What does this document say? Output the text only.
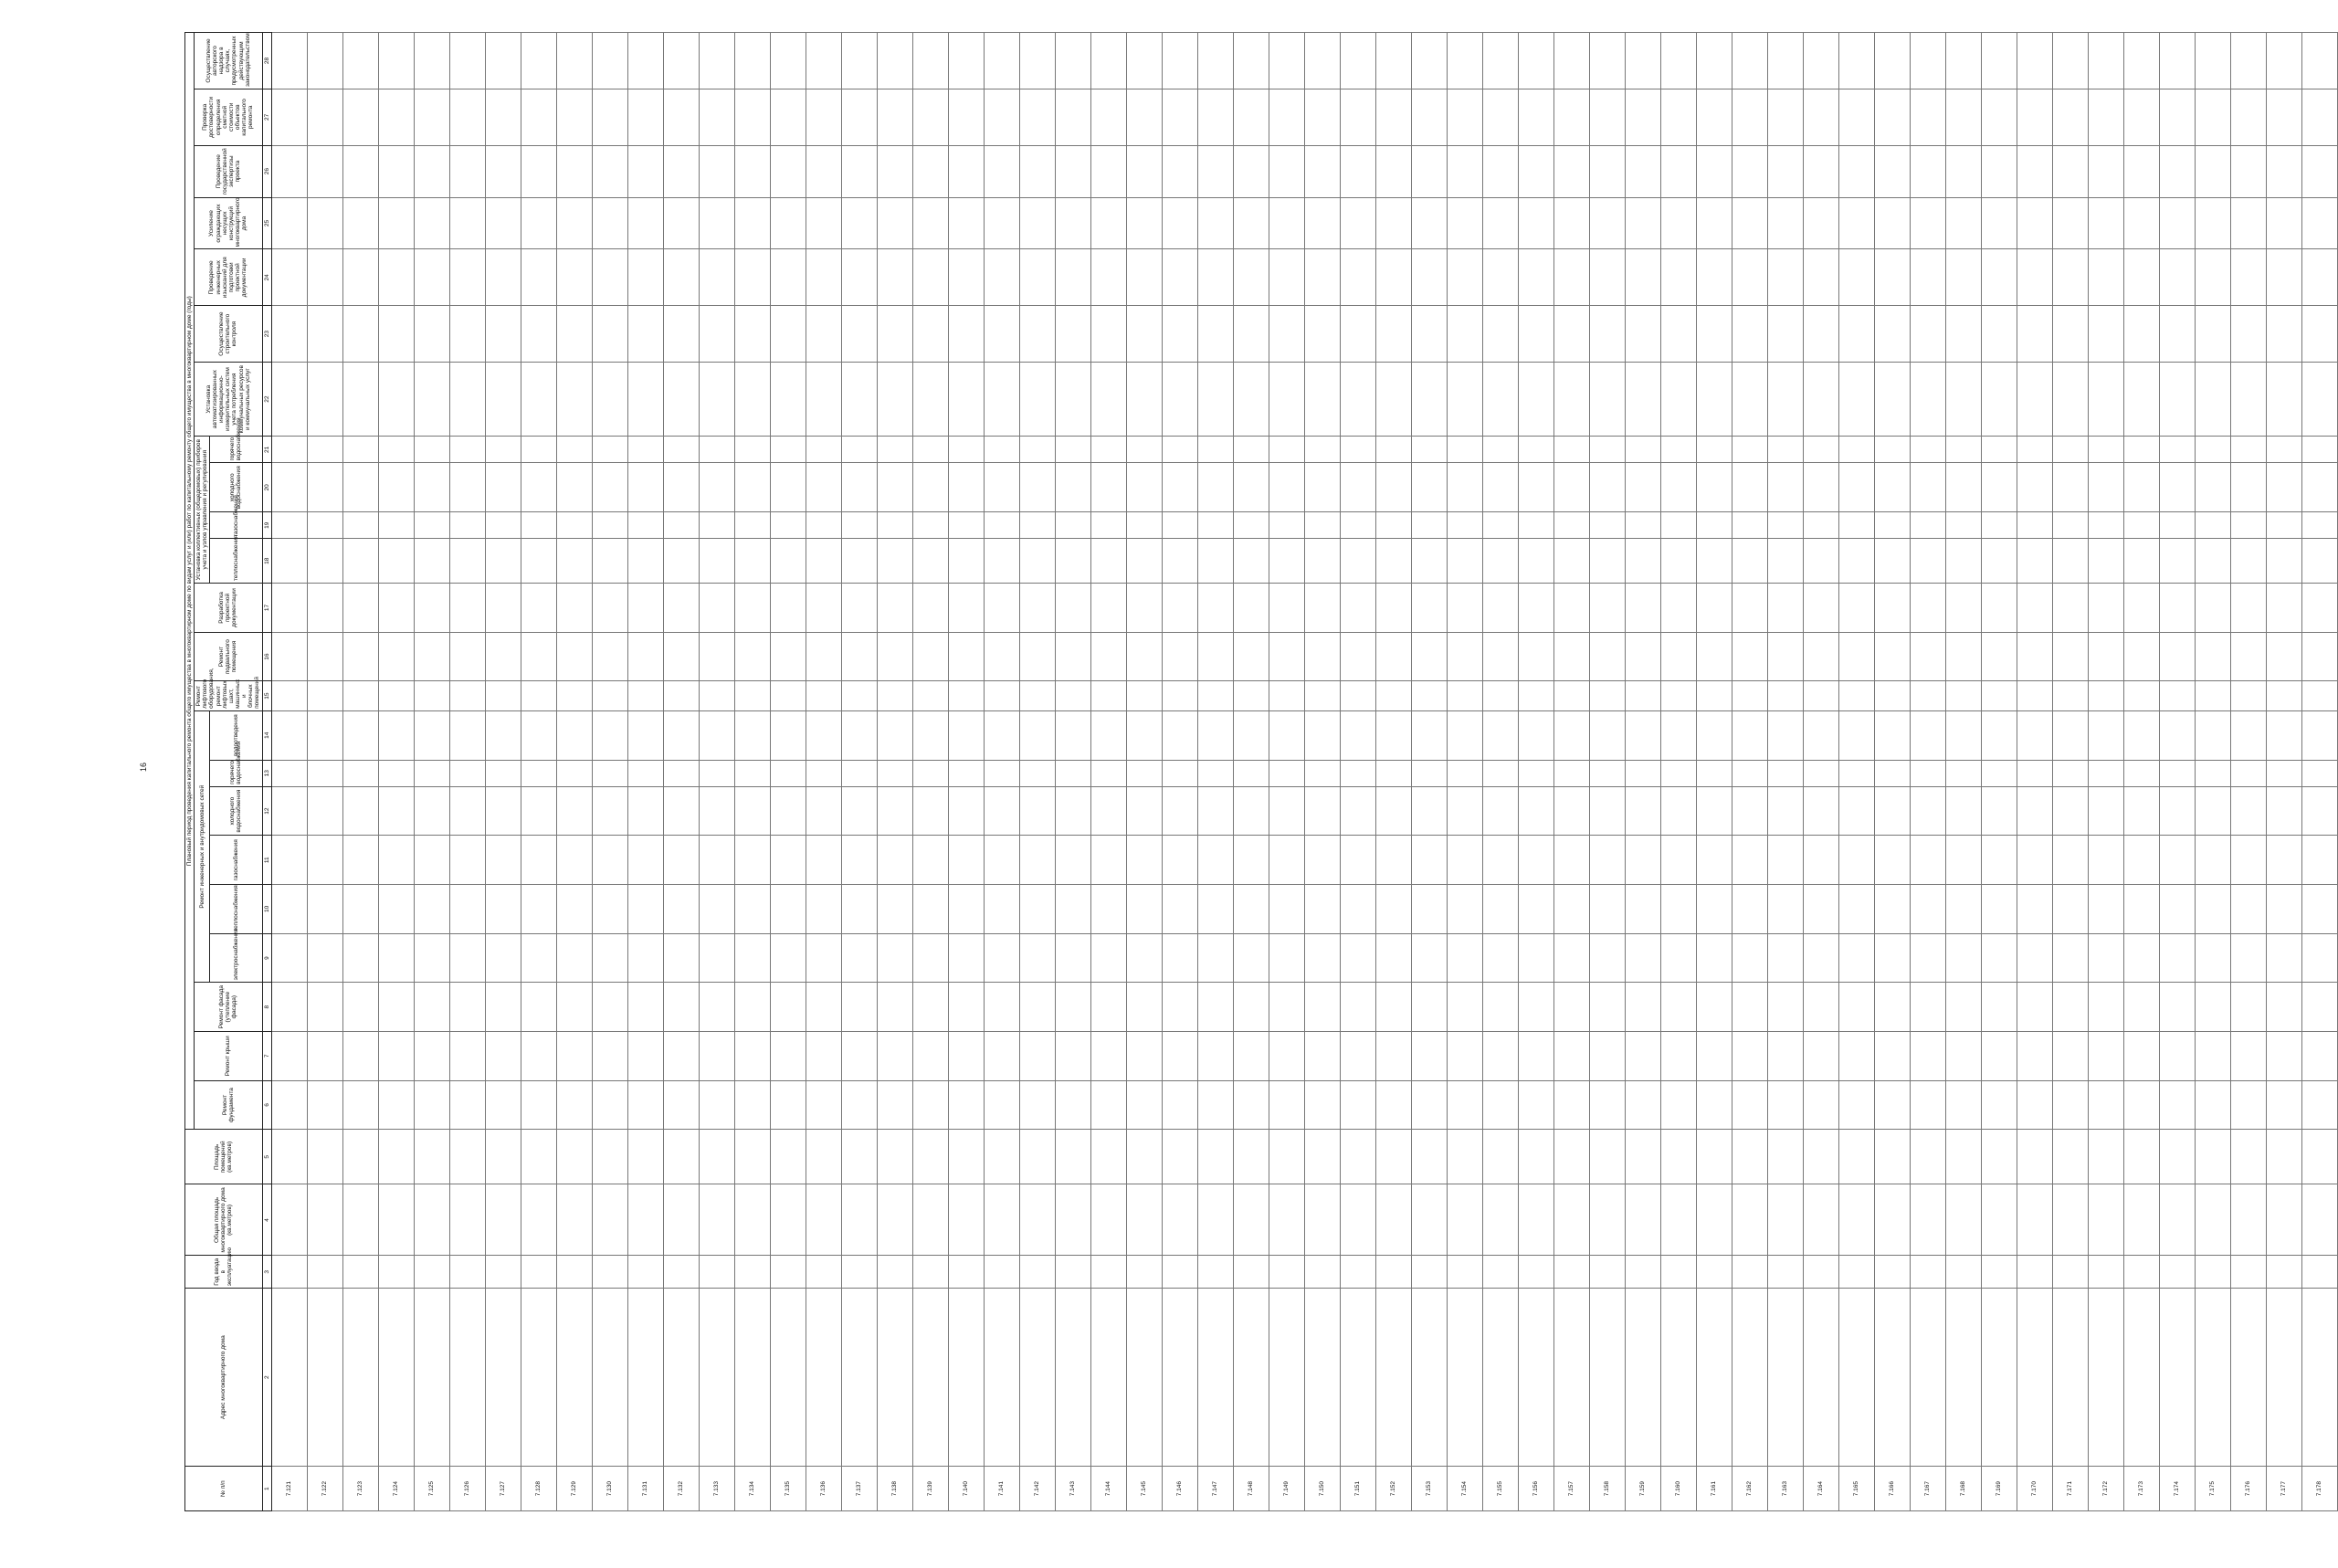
16
№ п/п	Адрес многоквартирного дома	Год ввода в эксплуатацию	Общая площадь многоквартирного дома (кв.метров)	Площадь помещений (кв.метров)	Плановый период проведения капитального ремонта общего имущества в многоквартирном доме по видам услуг и (или) работ по капитальному ремонту общего имущества в многоквартирном доме (годы)																						
					Ремонт фундамента	Ремонт крыши	Ремонт фасада (утепление фасада)	Ремонт инженерных и внутридомовых сетей						Ремонт лифтового оборудования, ремонт лифтовых шахт, машинных и блочных помещений	Ремонт подвального помещения	Разработка проектной документации	Установка коллективных (общедомовых) приборов учета и узлов управления и регулирования				Установка автоматизированных информационно-измерительных систем учета потребления коммунальных ресурсов и коммунальных услуг	Осуществление строительного контроля	Проведение инженерных изысканий для подготовки проектной документации	Усиление ограждающих несущих конструкций многоквартирного дома	Проведение государственной экспертизы проекта	Проверка достоверности определения сметной стоимости объектов капитального ремонта	Осуществление авторского надзора в случаях, предусмотренных действующим законодательством
								электроснабжения	теплоснабжения	газоснабжения	холодного водоснабжения	горячего водоснабжения	водоотведения				теплоснабжения	газоснабжения	холодного водоснабжения	горячего водоснабжения							

1	2	3	4	5	6	7	8	9	10	11	12	13	14	15	16	17	18	19	20	21	22	23	24	25	26	27	28
7.121																											
7.122																											
7.123																											
7.124																											
7.125																											
7.126																											
7.127																											
7.128																											
7.129																											
7.130																											
7.131																											
7.132																											
7.133																											
7.134																											
7.135																											
7.136																											
7.137																											
7.138																											
7.139																											
7.140																											
7.141																											
7.142																											
7.143																											
7.144																											
7.145																											
7.146																											
7.147																											
7.148																											
7.149																											
7.150																											
7.151																											
7.152																											
7.153																											
7.154																											
7.155																											
7.156																											
7.157																											
7.158																											
7.159																											
7.160																											
7.161																											
7.162																											
7.163																											
7.164																											
7.165																											
7.166																											
7.167																											
7.168																											
7.169																											
7.170																											
7.171																											
7.172																											
7.173																											
7.174																											
7.175																											
7.176																											
7.177																											
7.178																											
